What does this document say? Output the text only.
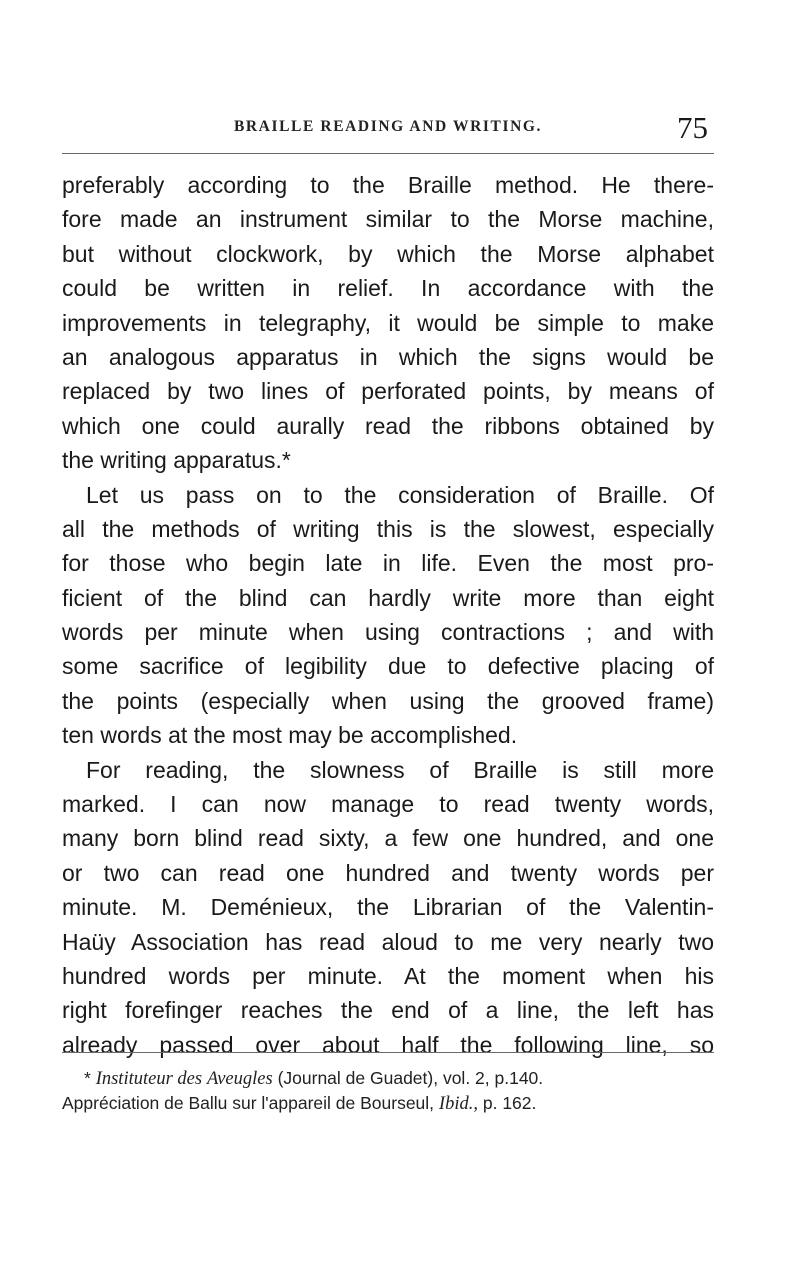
BRAILLE READING AND WRITING.	75
preferably according to the Braille method. He there-
fore made an instrument similar to the Morse machine,
but without clockwork, by which the Morse alphabet
could be written in relief. In accordance with the
improvements in telegraphy, it would be simple to make
an analogous apparatus in which the signs would be
replaced by two lines of perforated points, by means of
which one could aurally read the ribbons obtained by
the writing apparatus.*
Let us pass on to the consideration of Braille. Of
all the methods of writing this is the slowest, especially
for those who begin late in life. Even the most pro-
ficient of the blind can hardly write more than eight
words per minute when using contractions ; and with
some sacrifice of legibility due to defective placing of
the points (especially when using the grooved frame)
ten words at the most may be accomplished.
For reading, the slowness of Braille is still more
marked. I can now manage to read twenty words,
many born blind read sixty, a few one hundred, and one
or two can read one hundred and twenty words per
minute. M. Deménieux, the Librarian of the Valentin-
Haüy Association has read aloud to me very nearly two
hundred words per minute. At the moment when his
right forefinger reaches the end of a line, the left has
already passed over about half the following line, so
* Instituteur des Aveugles (Journal de Guadet), vol. 2, p.140.
Appréciation de Ballu sur l'appareil de Bourseul, Ibid., p. 162.
